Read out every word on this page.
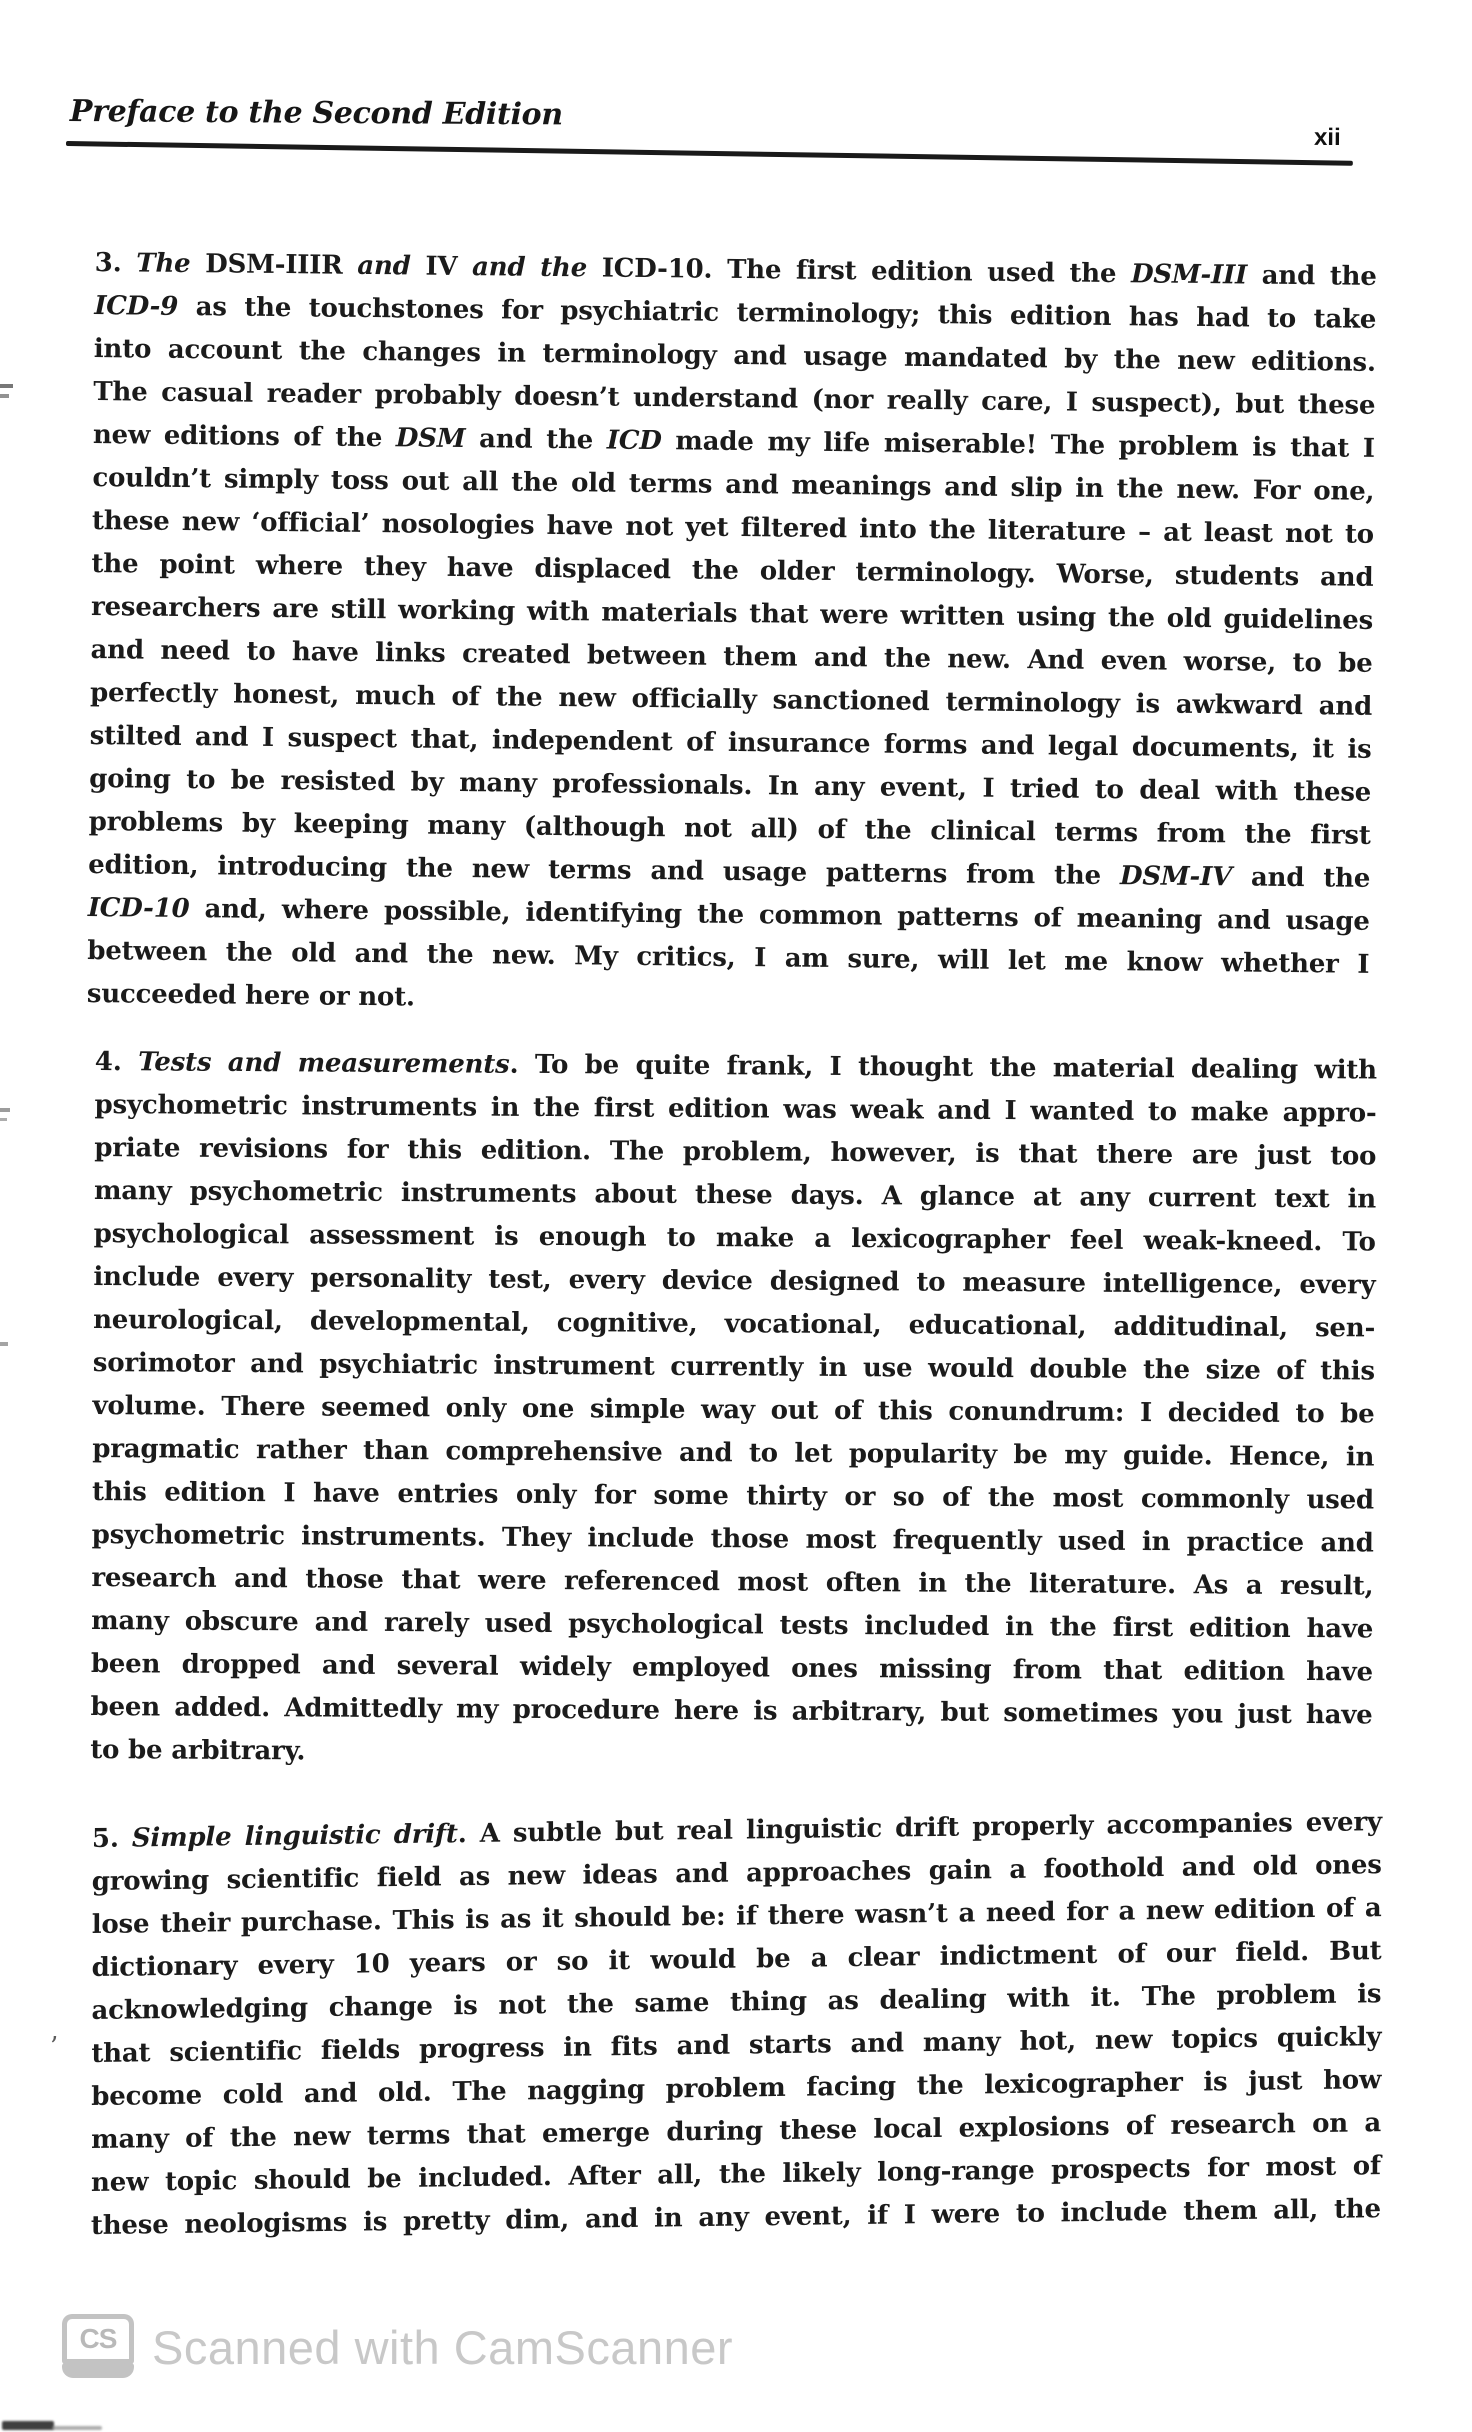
Preface to the Second Edition
xii
3. The DSM-IIIR and IV and the ICD-10. The first edition used the DSM-III and the
ICD-9 as the touchstones for psychiatric terminology; this edition has had to take
into account the changes in terminology and usage mandated by the new editions.
The casual reader probably doesn’t understand (nor really care, I suspect), but these
new editions of the DSM and the ICD made my life miserable! The problem is that I
couldn’t simply toss out all the old terms and meanings and slip in the new. For one,
these new ‘official’ nosologies have not yet filtered into the literature – at least not to
the point where they have displaced the older terminology. Worse, students and
researchers are still working with materials that were written using the old guidelines
and need to have links created between them and the new. And even worse, to be
perfectly honest, much of the new officially sanctioned terminology is awkward and
stilted and I suspect that, independent of insurance forms and legal documents, it is
going to be resisted by many professionals. In any event, I tried to deal with these
problems by keeping many (although not all) of the clinical terms from the first
edition, introducing the new terms and usage patterns from the DSM-IV and the
ICD-10 and, where possible, identifying the common patterns of meaning and usage
between the old and the new. My critics, I am sure, will let me know whether I
succeeded here or not.
4. Tests and measurements. To be quite frank, I thought the material dealing with
psychometric instruments in the first edition was weak and I wanted to make appro-
priate revisions for this edition. The problem, however, is that there are just too
many psychometric instruments about these days. A glance at any current text in
psychological assessment is enough to make a lexicographer feel weak-kneed. To
include every personality test, every device designed to measure intelligence, every
neurological, developmental, cognitive, vocational, educational, additudinal, sen-
sorimotor and psychiatric instrument currently in use would double the size of this
volume. There seemed only one simple way out of this conundrum: I decided to be
pragmatic rather than comprehensive and to let popularity be my guide. Hence, in
this edition I have entries only for some thirty or so of the most commonly used
psychometric instruments. They include those most frequently used in practice and
research and those that were referenced most often in the literature. As a result,
many obscure and rarely used psychological tests included in the first edition have
been dropped and several widely employed ones missing from that edition have
been added. Admittedly my procedure here is arbitrary, but sometimes you just have
to be arbitrary.
5. Simple linguistic drift. A subtle but real linguistic drift properly accompanies every
growing scientific field as new ideas and approaches gain a foothold and old ones
lose their purchase. This is as it should be: if there wasn’t a need for a new edition of a
dictionary every 10 years or so it would be a clear indictment of our field. But
acknowledging change is not the same thing as dealing with it. The problem is
that scientific fields progress in fits and starts and many hot, new topics quickly
become cold and old. The nagging problem facing the lexicographer is just how
many of the new terms that emerge during these local explosions of research on a
new topic should be included. After all, the likely long-range prospects for most of
these neologisms is pretty dim, and in any event, if I were to include them all, the
’
CS Scanned with CamScanner
